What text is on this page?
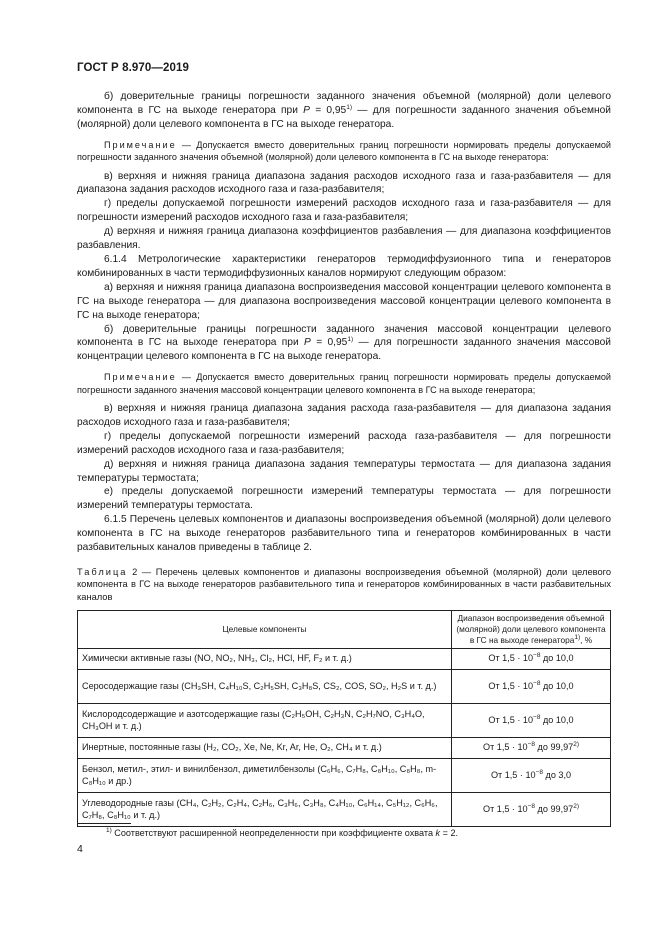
ГОСТ Р 8.970—2019

б) доверительные границы погрешности заданного значения объемной (молярной) доли целевого компонента в ГС на выходе генератора при $P = 0,95^{1)}$ — для погрешности заданного значения объемной (молярной) доли целевого компонента в ГС на выходе генератора.

Примечание — Допускается вместо доверительных границ погрешности нормировать пределы допускаемой погрешности заданного значения объемной (молярной) доли целевого компонента в ГС на выходе генератора:

в) верхняя и нижняя граница диапазона задания расходов исходного газа и газа-разбавителя — для диапазона задания расходов исходного газа и газа-разбавителя;

г) пределы допускаемой погрешности измерений расходов исходного газа и газа-разбавителя — для погрешности измерений расходов исходного газа и газа-разбавителя;

д) верхняя и нижняя граница диапазона коэффициентов разбавления — для диапазона коэффициентов разбавления.

6.1.4 Метрологические характеристики генераторов термодиффузионного типа и генераторов комбинированных в части термодиффузионных каналов нормируют следующим образом:

а) верхняя и нижняя граница диапазона воспроизведения массовой концентрации целевого компонента в ГС на выходе генератора — для диапазона воспроизведения массовой концентрации целевого компонента в ГС на выходе генератора;

б) доверительные границы погрешности заданного значения массовой концентрации целевого компонента в ГС на выходе генератора при $P = 0,95^{1)}$ — для погрешности заданного значения массовой концентрации целевого компонента в ГС на выходе генератора.

Примечание — Допускается вместо доверительных границ погрешности нормировать пределы допускаемой погрешности заданного значения массовой концентрации целевого компонента в ГС на выходе генератора;

в) верхняя и нижняя граница диапазона задания расхода газа-разбавителя — для диапазона задания расходов исходного газа и газа-разбавителя;

г) пределы допускаемой погрешности измерений расхода газа-разбавителя — для погрешности измерений расходов исходного газа и газа-разбавителя;

д) верхняя и нижняя граница диапазона задания температуры термостата — для диапазона задания температуры термостата;

е) пределы допускаемой погрешности измерений температуры термостата — для погрешности измерений температуры термостата.

6.1.5 Перечень целевых компонентов и диапазоны воспроизведения объемной (молярной) доли целевого компонента в ГС на выходе генераторов разбавительного типа и генераторов комбинированных в части разбавительных каналов приведены в таблице 2.

Таблица 2 — Перечень целевых компонентов и диапазоны воспроизведения объемной (молярной) доли целевого компонента в ГС на выходе генераторов разбавительного типа и генераторов комбинированных в части разбавительных каналов

Целевые компоненты	Диапазон воспроизведения объемной (молярной) доли целевого компонента в ГС на выходе генератора$^{1)}$, %
Химически активные газы (NO, NO₂, NH₃, Cl₂, HCl, HF, F₂ и т. д.)	От $1,5 \cdot 10^{-8}$ до 10,0
Серосодержащие газы (CH₃SH, C₄H₁₀S, C₂H₅SH, C₃H₈S, CS₂, COS, SO₂, H₂S и т. д.)	От $1,5 \cdot 10^{-8}$ до 10,0
Кислородсодержащие и азотсодержащие газы (C₂H₅OH, C₂H₃N, C₂H₇NO, C₃H₄O, CH₃OH и т. д.)	От $1,5 \cdot 10^{-8}$ до 10,0
Инертные, постоянные газы (H₂, CO₂, Xe, Ne, Kr, Ar, He, O₂, CH₄ и т. д.)	От $1,5 \cdot 10^{-8}$ до 99,97$^{2)}$
Бензол, метил-, этил- и винилбензол, диметилбензолы (C₆H₆, C₇H₈, C₈H₁₀, C₈H₈, m-C₈H₁₀ и др.)	От $1,5 \cdot 10^{-8}$ до 3,0
Углеводородные газы (CH₄, C₂H₂, C₂H₄, C₂H₆, C₃H₆, C₃H₈, C₄H₁₀, C₆H₁₄, C₅H₁₂, C₆H₆, C₇H₈, C₈H₁₀ и т. д.)	От $1,5 \cdot 10^{-8}$ до 99,97$^{2)}$
$^{1)}$ Соответствуют расширенной неопределенности при коэффициенте охвата k = 2.
4
